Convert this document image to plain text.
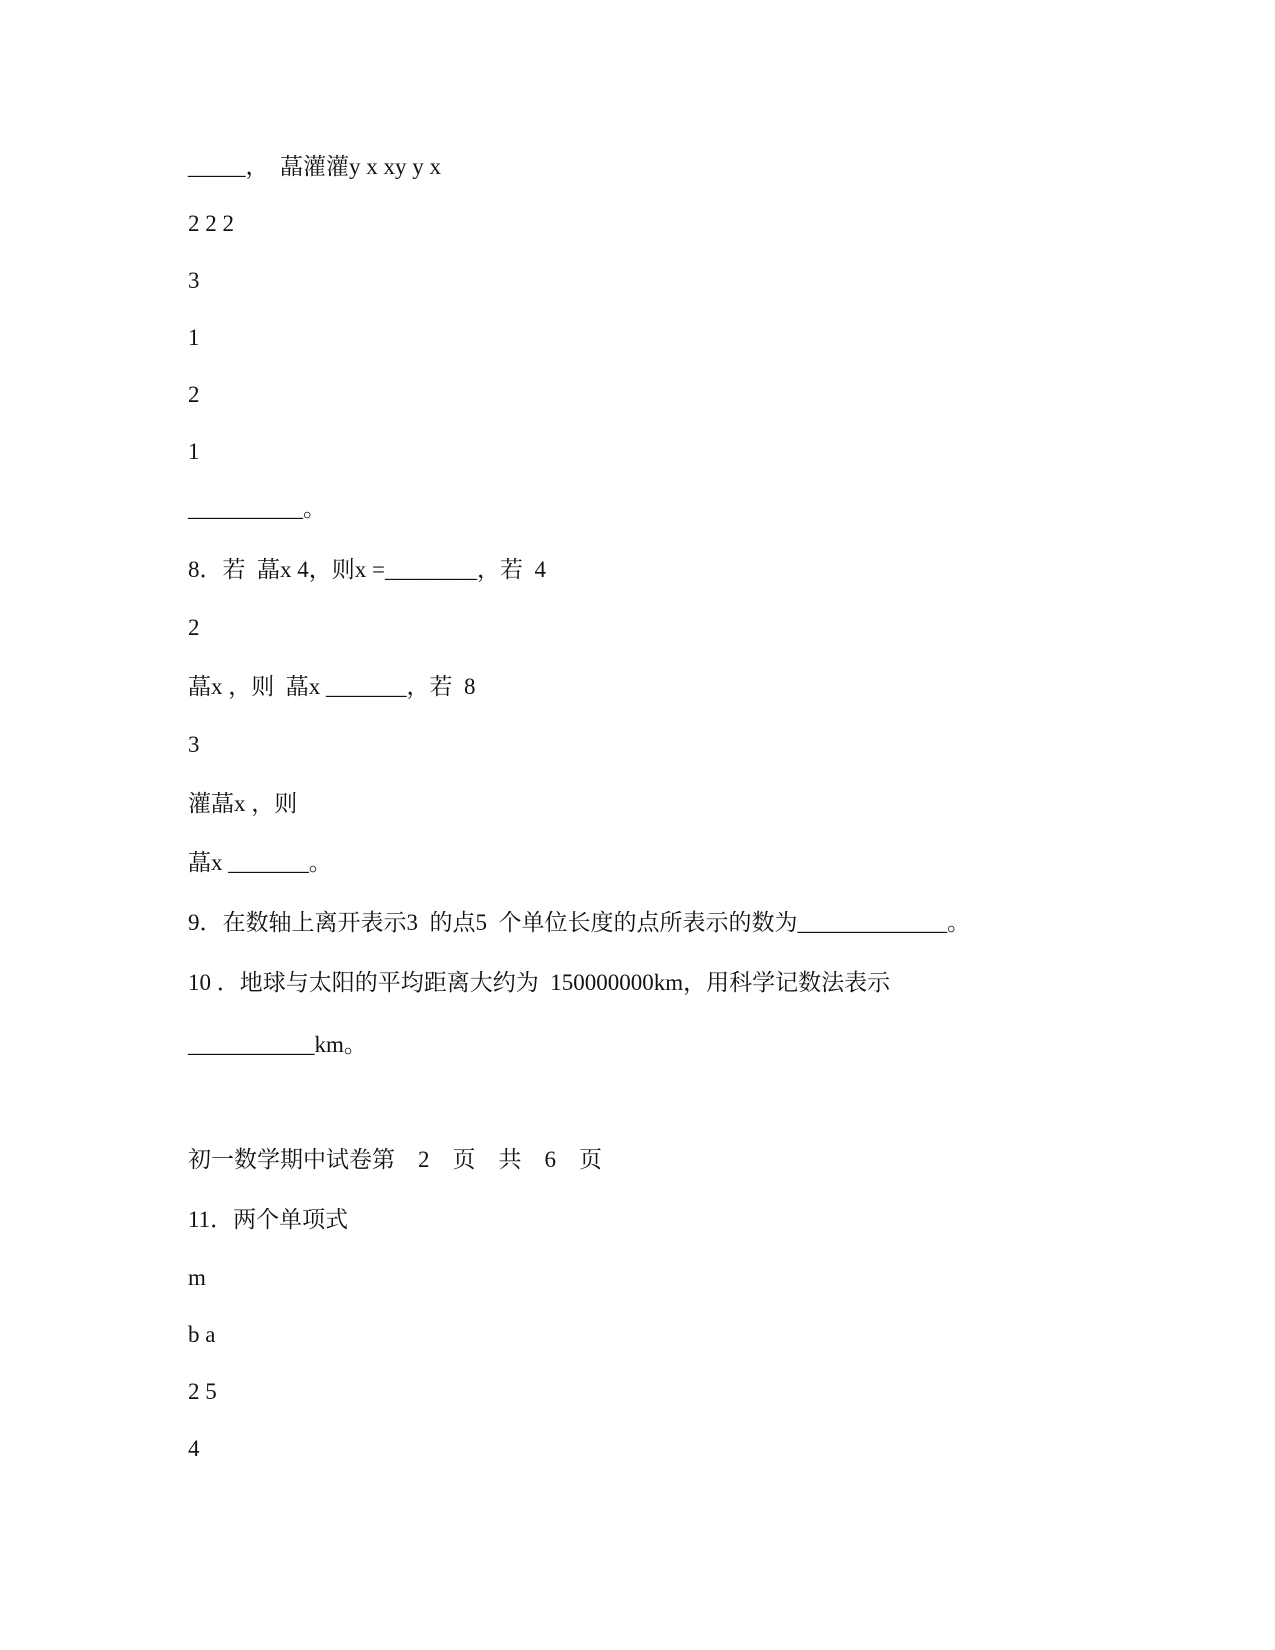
_____，　蕌灌灌y x xy y x
2 2 2
3
1
2
1
__________。
8．若  蕌x 4，则x =________，若  4
2
蕌x ，则  蕌x _______，若  8
3
灌蕌x ，则
蕌x _______。
9．在数轴上离开表示3  的点5  个单位长度的点所表示的数为_____________。
10 ．地球与太阳的平均距离大约为  150000000km，用科学记数法表示
___________km。
初一数学期中试卷第    2    页    共    6    页
11．两个单项式
m
b a
2 5
4
